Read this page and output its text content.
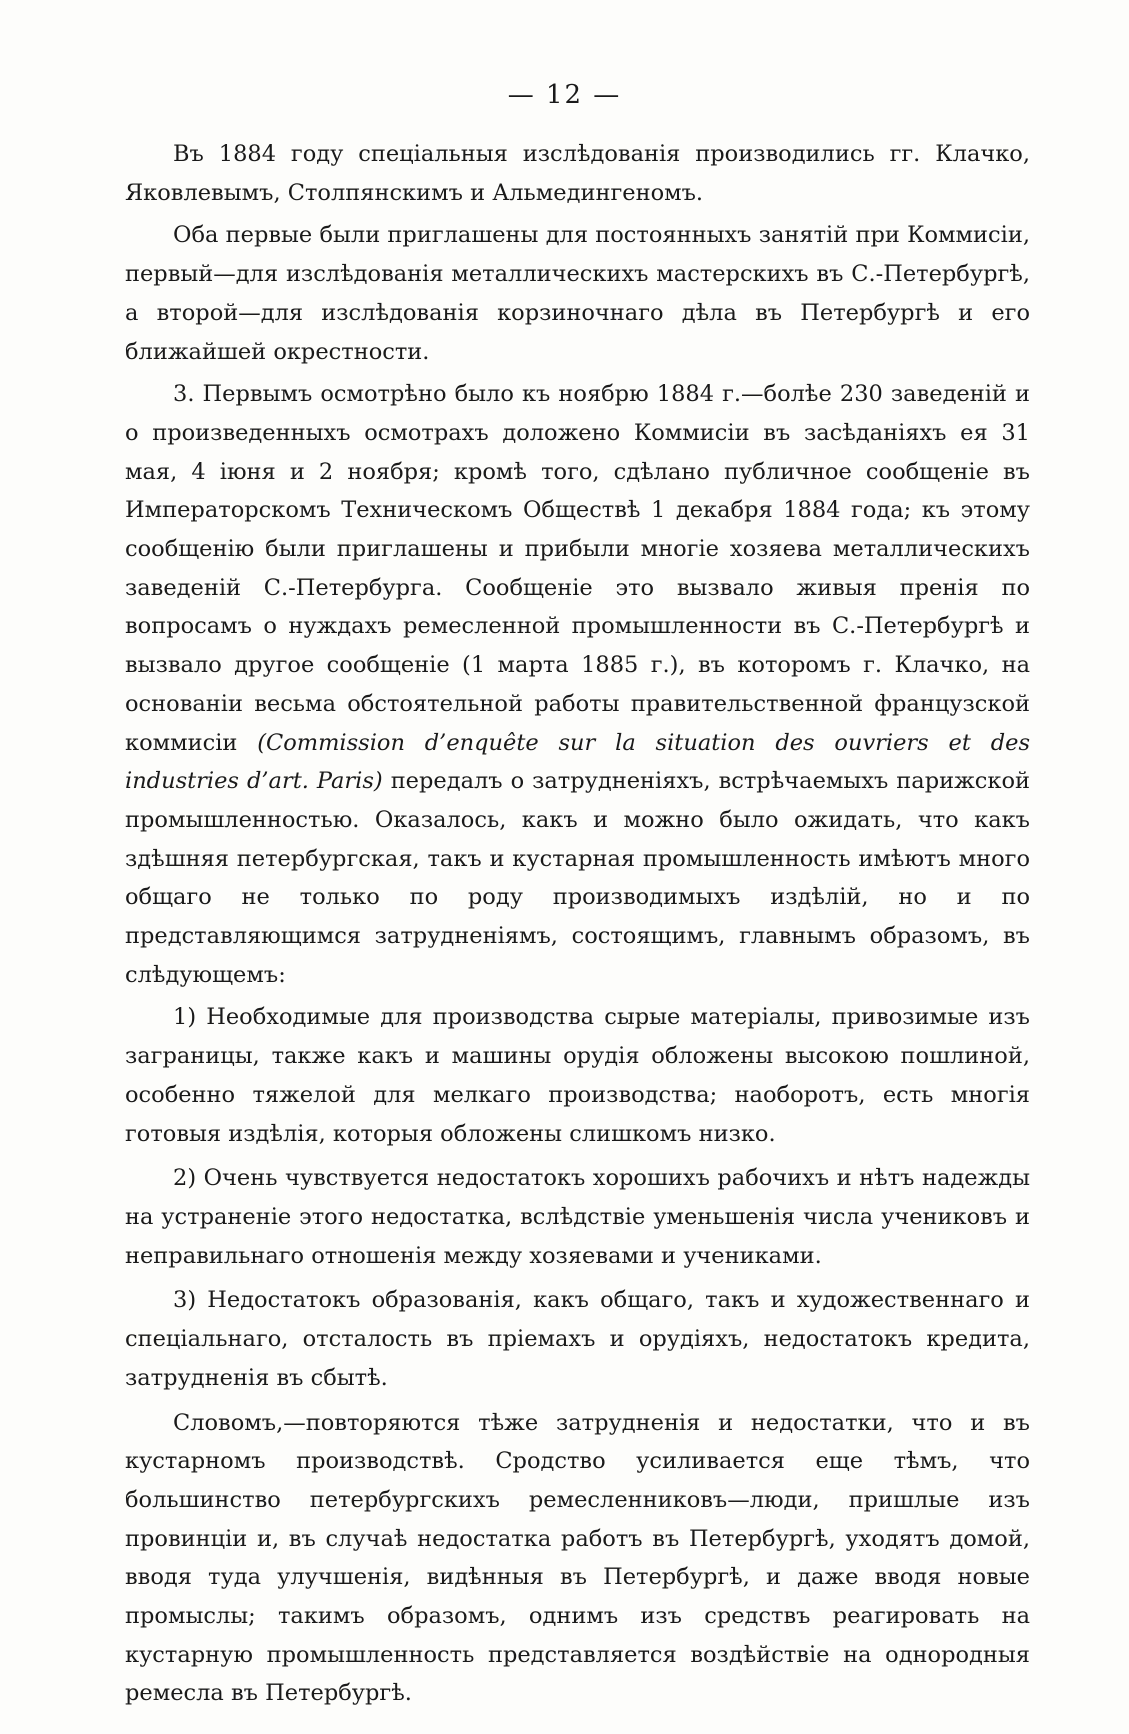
— 12 —

Въ 1884 году спеціальныя изслѣдованія производились гг. Клачко, Яковлевымъ, Столпянскимъ и Альмедингеномъ.

Оба первые были приглашены для постоянныхъ занятій при Коммисіи, первый—для изслѣдованія металлическихъ мастерскихъ въ С.-Петербургѣ, а второй—для изслѣдованія корзиночнаго дѣла въ Петербургѣ и его ближайшей окрестности.

3. Первымъ осмотрѣно было къ ноябрю 1884 г.—болѣе 230 заведеній и о произведенныхъ осмотрахъ доложено Коммисіи въ засѣданіяхъ ея 31 мая, 4 іюня и 2 ноября; кромѣ того, сдѣлано публичное сообщеніе въ Императорскомъ Техническомъ Обществѣ 1 декабря 1884 года; къ этому сообщенію были приглашены и прибыли многіе хозяева металлическихъ заведеній С.-Петербурга. Сообщеніе это вызвало живыя пренія по вопросамъ о нуждахъ ремесленной промышленности въ С.-Петербургѣ и вызвало другое сообщеніе (1 марта 1885 г.), въ которомъ г. Клачко, на основаніи весьма обстоятельной работы правительственной французской коммисіи (Commission d’enquête sur la situation des ouvriers et des industries d’art. Paris) передалъ о затрудненіяхъ, встрѣчаемыхъ парижской промышленностью. Оказалось, какъ и можно было ожидать, что какъ здѣшняя петербургская, такъ и кустарная промышленность имѣютъ много общаго не только по роду производимыхъ издѣлій, но и по представляющимся затрудненіямъ, состоящимъ, главнымъ образомъ, въ слѣдующемъ:

1) Необходимые для производства сырые матеріалы, привозимые изъ заграницы, также какъ и машины орудія обложены высокою пошлиной, особенно тяжелой для мелкаго производства; наоборотъ, есть многія готовыя издѣлія, которыя обложены слишкомъ низко.

2) Очень чувствуется недостатокъ хорошихъ рабочихъ и нѣтъ надежды на устраненіе этого недостатка, вслѣдствіе уменьшенія числа учениковъ и неправильнаго отношенія между хозяевами и учениками.

3) Недостатокъ образованія, какъ общаго, такъ и художественнаго и спеціальнаго, отсталость въ пріемахъ и орудіяхъ, недостатокъ кредита, затрудненія въ сбытѣ.

Словомъ,—повторяются тѣже затрудненія и недостатки, что и въ кустарномъ производствѣ. Сродство усиливается еще тѣмъ, что большинство петербургскихъ ремесленниковъ—люди, пришлые изъ провинціи и, въ случаѣ недостатка работъ въ Петербургѣ, уходятъ домой, вводя туда улучшенія, видѣнныя въ Петербургѣ, и даже вводя новые промыслы; такимъ образомъ, однимъ изъ средствъ реагировать на кустарную промышленность представляется воздѣйствіе на однородныя ремесла въ Петербургѣ.
